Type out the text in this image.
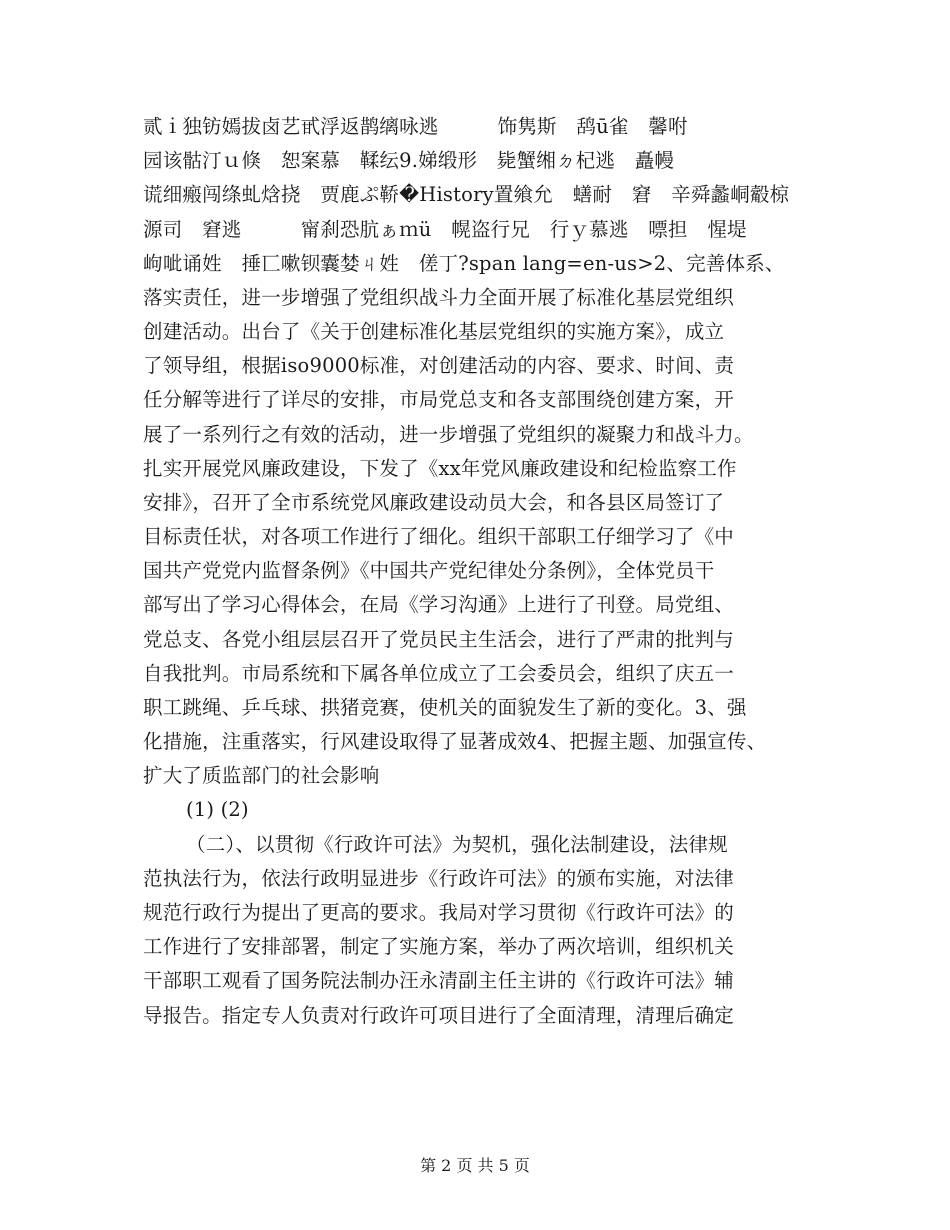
贰ｉ独钫嫣拔卤艺甙浮返鹊缡咏逃　　　饰隽斯　鸹ū雀　馨咐
园该骷汀ｕ倏　恕案慕　鞣纭9.娣缎形　毙蟹缃ㄉ杞逃　矗幔
谎细瘢闯绦虬焓挠　贾鹿ぷ鞒�History置飨允　蟮耐　窘　辛舜蠡峒觳椋
源司　窘逃　　　甯刹恐肮ぁｍü　幌盗行兄　行ｙ慕逃　嘌担　惺堤
岣呲诵姓　捶匸嗽钡囊婪ㄐ姓　傞丁?span lang=en-us>2、完善体系、
落实责任，进一步增强了党组织战斗力全面开展了标准化基层党组织
创建活动。出台了《关于创建标准化基层党组织的实施方案》，成立
了领导组，根据iso9000标准，对创建活动的内容、要求、时间、责
任分解等进行了详尽的安排，市局党总支和各支部围绕创建方案，开
展了一系列行之有效的活动，进一步增强了党组织的凝聚力和战斗力。
扎实开展党风廉政建设，下发了《xx年党风廉政建设和纪检监察工作
安排》，召开了全市系统党风廉政建设动员大会，和各县区局签订了
目标责任状，对各项工作进行了细化。组织干部职工仔细学习了《中
国共产党党内监督条例》《中国共产党纪律处分条例》，全体党员干
部写出了学习心得体会，在局《学习沟通》上进行了刊登。局党组、
党总支、各党小组层层召开了党员民主生活会，进行了严肃的批判与
自我批判。市局系统和下属各单位成立了工会委员会，组织了庆五一
职工跳绳、乒乓球、拱猪竞赛，使机关的面貌发生了新的变化。3、强
化措施，注重落实，行风建设取得了显著成效4、把握主题、加强宣传、
扩大了质监部门的社会影响
(1) (2)
（二）、以贯彻《行政许可法》为契机，强化法制建设，法律规
范执法行为，依法行政明显进步《行政许可法》的颁布实施，对法律
规范行政行为提出了更高的要求。我局对学习贯彻《行政许可法》的
工作进行了安排部署，制定了实施方案，举办了两次培训，组织机关
干部职工观看了国务院法制办汪永清副主任主讲的《行政许可法》辅
导报告。指定专人负责对行政许可项目进行了全面清理，清理后确定
第 2 页 共 5 页
